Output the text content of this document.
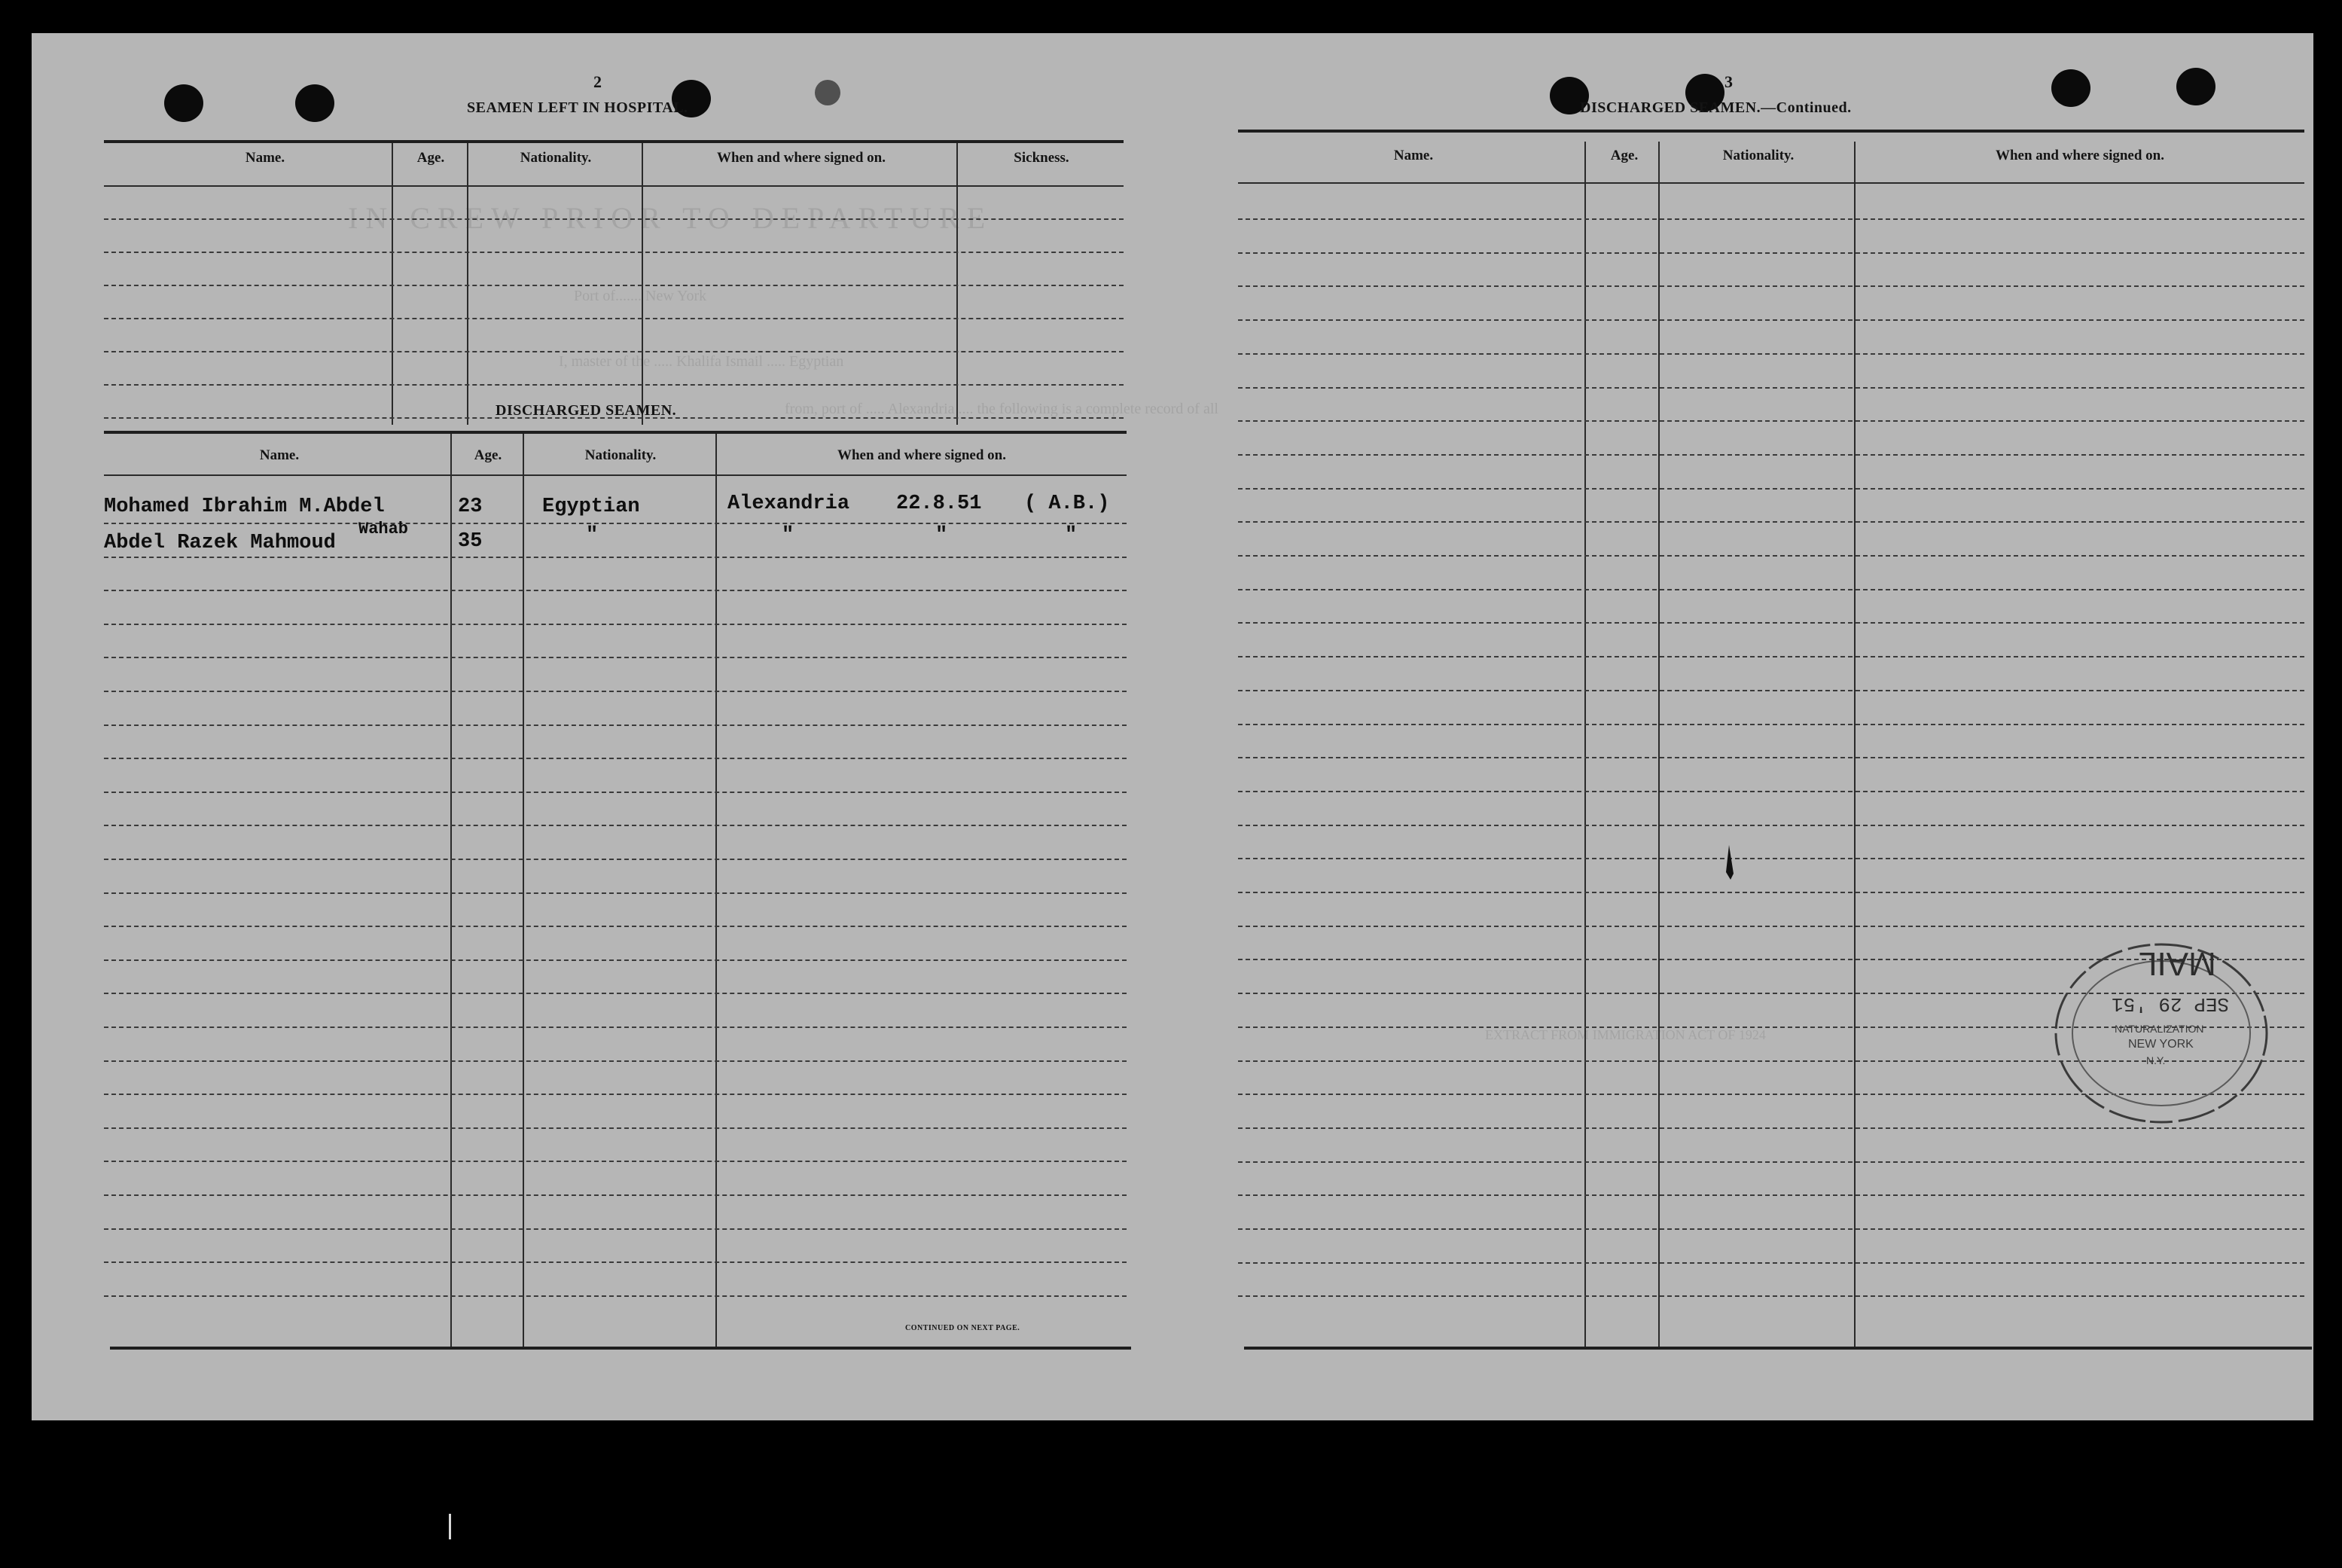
IN CREW PRIOR TO DEPARTURE
Port of....... New York
I, master of the ..... Khalifa Ismail ..... Egyptian
from, port of ..... Alexandria .... the following is a complete record of all
2
SEAMEN LEFT IN HOSPITAL.
Name.	Age.	Nationality.	When and where signed on.	Sickness.
DISCHARGED SEAMEN.
Name.	Age.	Nationality.	When and where signed on.
Mohamed Ibrahim M.Abdel
Wahab
23	Egyptian	Alexandria 22.8.51 ( A.B.)
Abdel Razek Mahmoud	35	"	"	"	"
CONTINUED ON NEXT PAGE.
EXTRACT FROM IMMIGRATION ACT OF 1924
3
DISCHARGED SEAMEN.—Continued.
Name.	Age.	Nationality.	When and where signed on.
MAIL
SEP 29 '51
NATURALIZATION
NEW YORK
N.Y.
